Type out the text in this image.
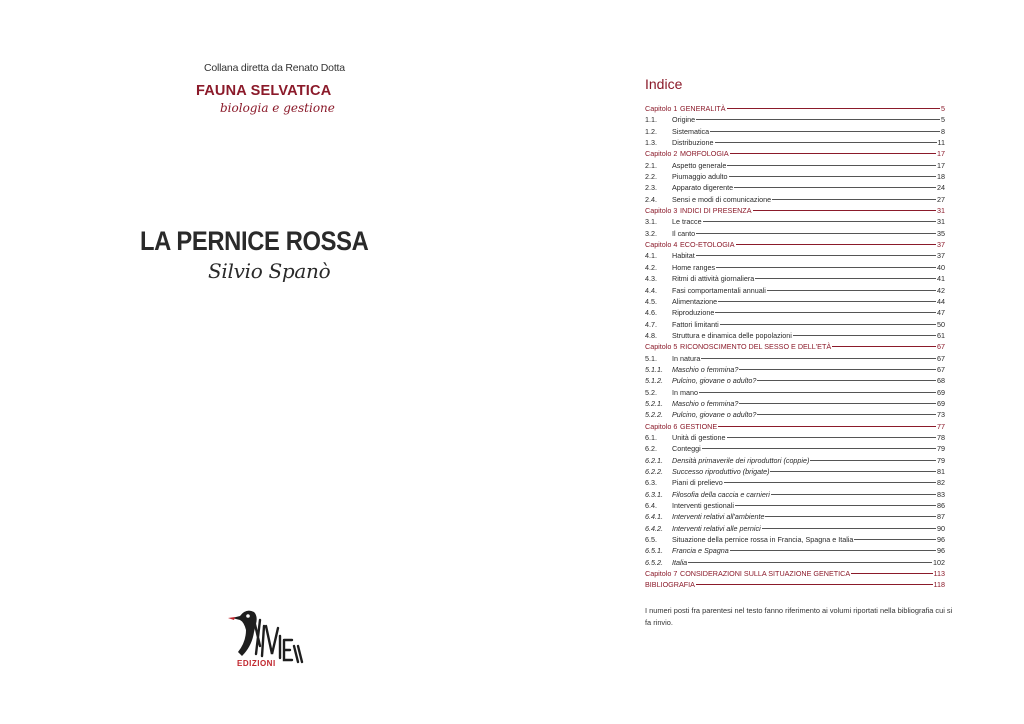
Collana diretta da Renato Dotta
FAUNA SELVATICA
biologia e gestione
LA PERNICE ROSSA
Silvio Spanò
EDIZIONI
Indice
Capitolo 1 GENERALITÀ	5
1.1.	Origine	5
1.2.	Sistematica	8
1.3.	Distribuzione	11
Capitolo 2 MORFOLOGIA	17
2.1.	Aspetto generale	17
2.2.	Piumaggio adulto	18
2.3.	Apparato digerente	24
2.4.	Sensi e modi di comunicazione	27
Capitolo 3 INDICI DI PRESENZA	31
3.1.	Le tracce	31
3.2.	Il canto	35
Capitolo 4 ECO-ETOLOGIA	37
4.1.	Habitat	37
4.2.	Home ranges	40
4.3.	Ritmi di attività giornaliera	41
4.4.	Fasi comportamentali annuali	42
4.5.	Alimentazione	44
4.6.	Riproduzione	47
4.7.	Fattori limitanti	50
4.8.	Struttura e dinamica delle popolazioni	61
Capitolo 5 RICONOSCIMENTO DEL SESSO E DELL'ETÀ	67
5.1.	In natura	67
5.1.1.	Maschio o femmina?	67
5.1.2.	Pulcino, giovane o adulto?	68
5.2.	In mano	69
5.2.1.	Maschio o femmina?	69
5.2.2.	Pulcino, giovane o adulto?	73
Capitolo 6 GESTIONE	77
6.1.	Unità di gestione	78
6.2.	Conteggi	79
6.2.1.	Densità primaverile dei riproduttori (coppie)	79
6.2.2.	Successo riproduttivo (brigate)	81
6.3.	Piani di prelievo	82
6.3.1.	Filosofia della caccia e carnieri	83
6.4.	Interventi gestionali	86
6.4.1.	Interventi relativi all'ambiente	87
6.4.2.	Interventi relativi alle pernici	90
6.5.	Situazione della pernice rossa in Francia, Spagna e Italia	96
6.5.1.	Francia e Spagna	96
6.5.2.	Italia	102
Capitolo 7 CONSIDERAZIONI SULLA SITUAZIONE GENETICA	113
BIBLIOGRAFIA	118
I numeri posti fra parentesi nel testo fanno riferimento ai volumi riportati nella bibliografia cui si fa rinvio.
